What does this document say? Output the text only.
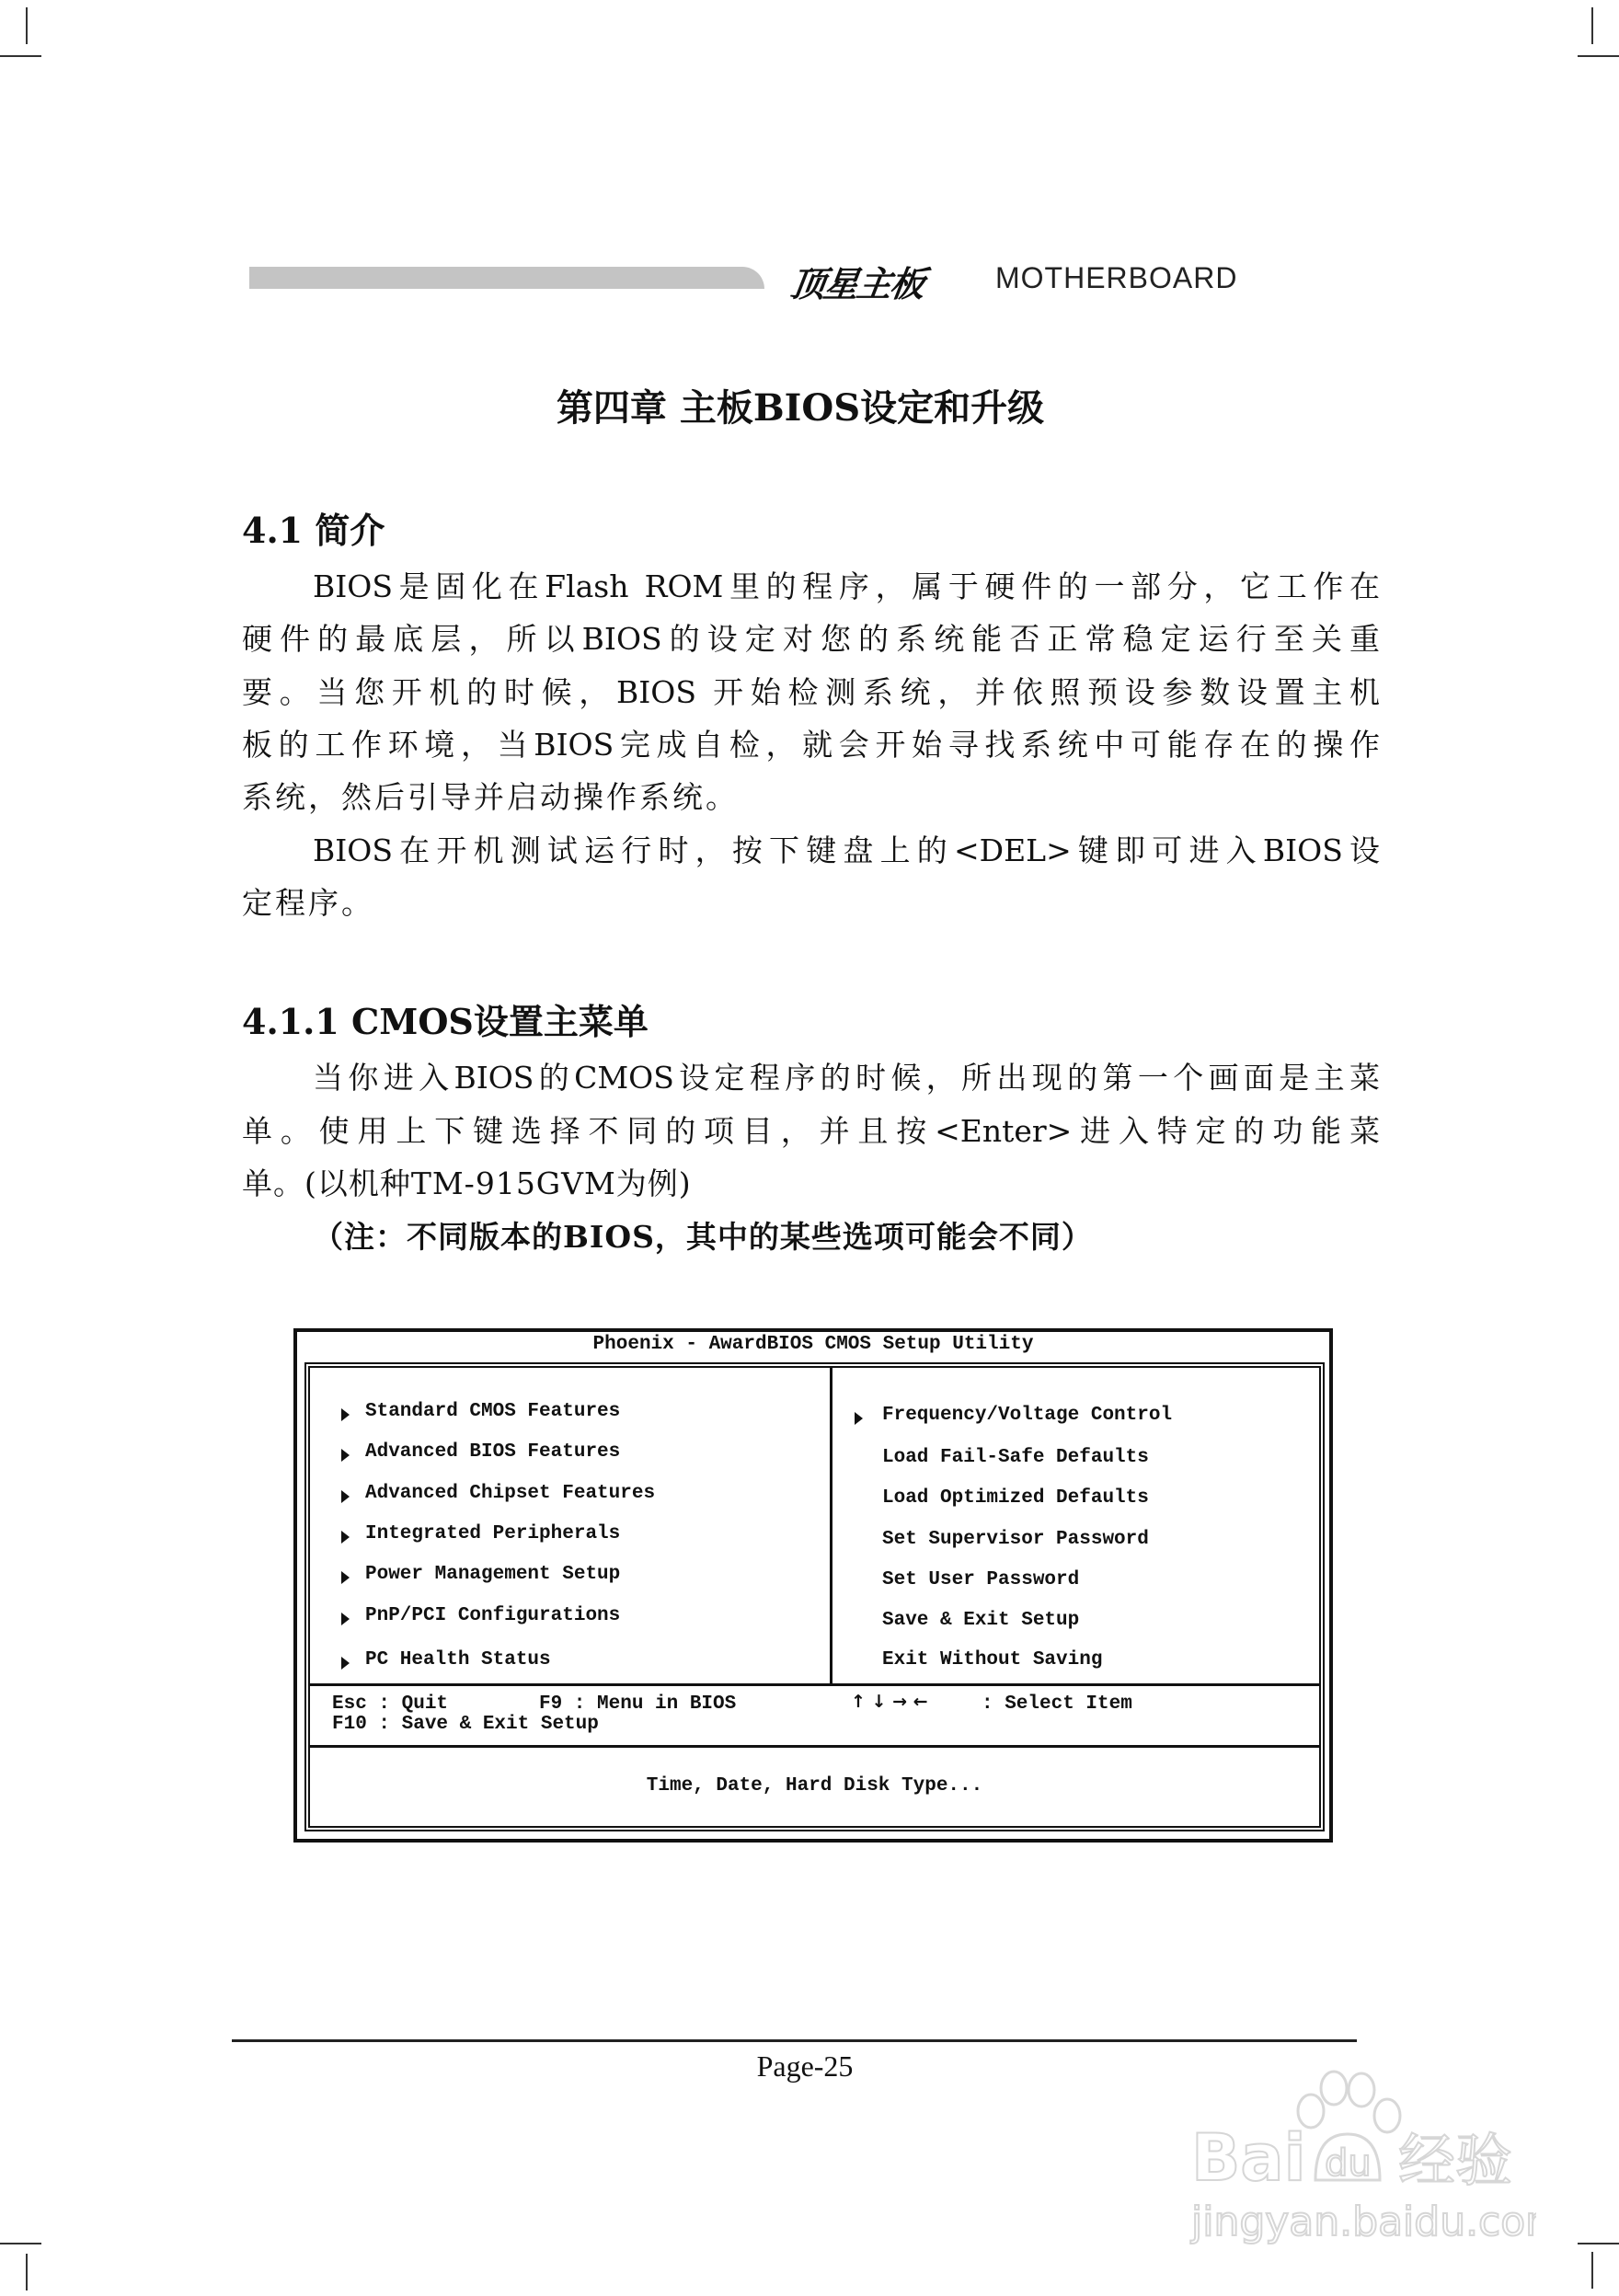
顶星主板 MOTHERBOARD
第四章 主板BIOS设定和升级
4.1 简介
BIOS是固化在Flash ROM里的程序，属于硬件的一部分，它工作在
硬件的最底层，所以BIOS的设定对您的系统能否正常稳定运行至关重
要。当您开机的时候，BIOS 开始检测系统，并依照预设参数设置主机
板的工作环境，当BIOS完成自检，就会开始寻找系统中可能存在的操作
系统，然后引导并启动操作系统。
BIOS在开机测试运行时，按下键盘上的<DEL>键即可进入BIOS设
定程序。
4.1.1 CMOS设置主菜单
当你进入BIOS的CMOS设定程序的时候，所出现的第一个画面是主菜
单。使用上下键选择不同的项目，并且按<Enter>进入特定的功能菜
单。(以机种TM-915GVM为例)
（注：不同版本的BIOS，其中的某些选项可能会不同）
Phoenix - AwardBIOS CMOS Setup Utility
Standard CMOS Features
Advanced BIOS Features
Advanced Chipset Features
Integrated Peripherals
Power Management Setup
PnP/PCI Configurations
PC Health Status
Frequency/Voltage Control
Load Fail-Safe Defaults
Load Optimized Defaults
Set Supervisor Password
Set User Password
Save & Exit Setup
Exit Without Saving
Esc : Quit	F9 : Menu in BIOS	↑ ↓ → ←	: Select Item
F10 : Save & Exit Setup
Time, Date, Hard Disk Type...
Page-25
Bai du 经验
jingyan.baidu.com
